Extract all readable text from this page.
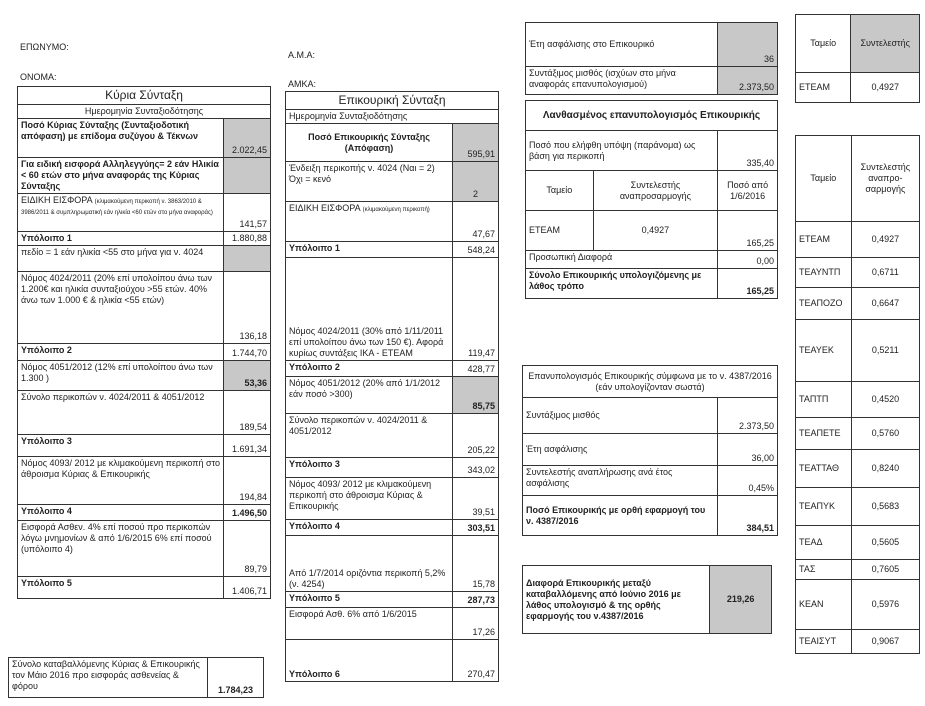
ΕΠΩΝΥΜΟ:
ΟΝΟΜΑ:
Α.Μ.Α:
ΑΜΚΑ:
Κύρια Σύνταξη	
Ημερομηνία Συνταξιοδότησης	
Ποσό Κύριας Σύνταξης (Συνταξιοδοτική απόφαση) με επίδομα συζύγου & Τέκνων	2.022,45
Για ειδική εισφορά Αλληλεγγύης= 2 εάν Ηλικία < 60 ετών στο μήνα αναφοράς της Κύριας Σύνταξης	
ΕΙΔΙΚΗ ΕΙΣΦΟΡΑ (κλιμακούμενη περικοπή ν. 3863/2010 & 3986/2011 & συμπληρωματική εάν ηλικία <60 ετών στο μήνα αναφοράς)	141,57
Υπόλοιπο 1	1.880,88
πεδίο = 1 εάν ηλικία <55 στο μήνα για ν. 4024	
Νόμος 4024/2011 (20% επί υπολοίπου άνω των 1.200€ και ηλικία συνταξιούχου >55 ετών. 40% άνω των 1.000 € & ηλικία <55 ετών)	136,18
Υπόλοιπο 2	1.744,70
Νόμος 4051/2012 (12% επί υπολοίπου άνω των 1.300 )	53,36
Σύνολο περικοπών ν. 4024/2011 & 4051/2012	189,54
Υπόλοιπο 3	1.691,34
Νόμος 4093/ 2012 με κλιμακούμενη περικοπή στο άθροισμα Κύριας & Επικουρικής	194,84
Υπόλοιπο 4	1.496,50
Εισφορά Ασθεν. 4% επί ποσού προ περικοπών λόγω μνημονίων & από 1/6/2015 6% επί ποσού (υπόλοιπο 4)	89,79
Υπόλοιπο 5	1.406,71
Σύνολο καταβαλλόμενης Κύριας & Επικουρικής τον Μάιο 2016 προ εισφοράς ασθενείας & φόρου	1.784,23
Επικουρική Σύνταξη	
Ημερομηνία Συνταξιοδότησης	
Ποσό Επικουρικής Σύνταξης (Απόφαση)	595,91
Ένδειξη περικοπής ν. 4024 (Ναι = 2) Όχι = κενό	2
ΕΙΔΙΚΗ ΕΙΣΦΟΡΑ (κλιμακούμενη περικοπή)	47,67
Υπόλοιπο 1	548,24
Νόμος 4024/2011 (30% από 1/11/2011 επί υπολοίπου άνω των 150 €). Αφορά κυρίως συντάξεις ΙΚΑ - ΕΤΕΑΜ	119,47
Υπόλοιπο 2	428,77
Νόμος 4051/2012 (20% από 1/1/2012 εάν ποσό >300)	85,75
Σύνολο περικοπών ν. 4024/2011 & 4051/2012	205,22
Υπόλοιπο 3	343,02
Νόμος 4093/ 2012 με κλιμακούμενη περικοπή στο άθροισμα Κύριας & Επικουρικής	39,51
Υπόλοιπο 4	303,51
Από 1/7/2014 οριζόντια περικοπή 5,2% (ν. 4254)	15,78
Υπόλοιπο 5	287,73
Εισφορά Ασθ. 6% από 1/6/2015	17,26
Υπόλοιπο 6	270,47
Έτη ασφάλισης στο Επικουρικό	36
Συντάξιμος μισθός (ισχύων στο μήνα αναφοράς επανυπολογισμού)	2.373,50
Λανθασμένος επανυπολογισμός Επικουρικής		
Ποσό που ελήφθη υπόψη (παράνομα) ως βάση για περικοπή		335,40
Ταμείο	Συντελεστής αναπροσαρμογής	Ποσό από 1/6/2016
ΕΤΕΑΜ	0,4927	165,25
Προσωπική Διαφορά		0,00
Σύνολο Επικουρικής υπολογιζόμενης με λάθος τρόπο		165,25
Επανυπολογισμός Επικουρικής σύμφωνα με το ν. 4387/2016 (εάν υπολογίζονταν σωστά)	
Συντάξιμος μισθός	2.373,50
Έτη ασφάλισης	36,00
Συντελεστής αναπλήρωσης ανά έτος ασφάλισης	0,45%
Ποσό Επικουρικής με ορθή εφαρμογή του ν. 4387/2016	384,51
Διαφορά Επικουρικής μεταξύ καταβαλλόμενης από Ιούνιο 2016 με λάθος υπολογισμό & της ορθής εφαρμογής του ν.4387/2016	219,26
Ταμείο	Συντελεστής
ΕΤΕΑΜ	0,4927
Ταμείο	Συντελεστής αναπρο-σαρμογής
ΕΤΕΑΜ	0,4927
ΤΕΑΥΝΤΠ	0,6711
ΤΕΑΠΟΖΟ	0,6647
ΤΕΑΥΕΚ	0,5211
ΤΑΠΤΠ	0,4520
ΤΕΑΠΕΤΕ	0,5760
ΤΕΑΤΤΑΘ	0,8240
ΤΕΑΠΥΚ	0,5683
ΤΕΑΔ	0,5605
ΤΑΣ	0,7605
ΚΕΑΝ	0,5976
ΤΕΑΙΣΥΤ	0,9067
